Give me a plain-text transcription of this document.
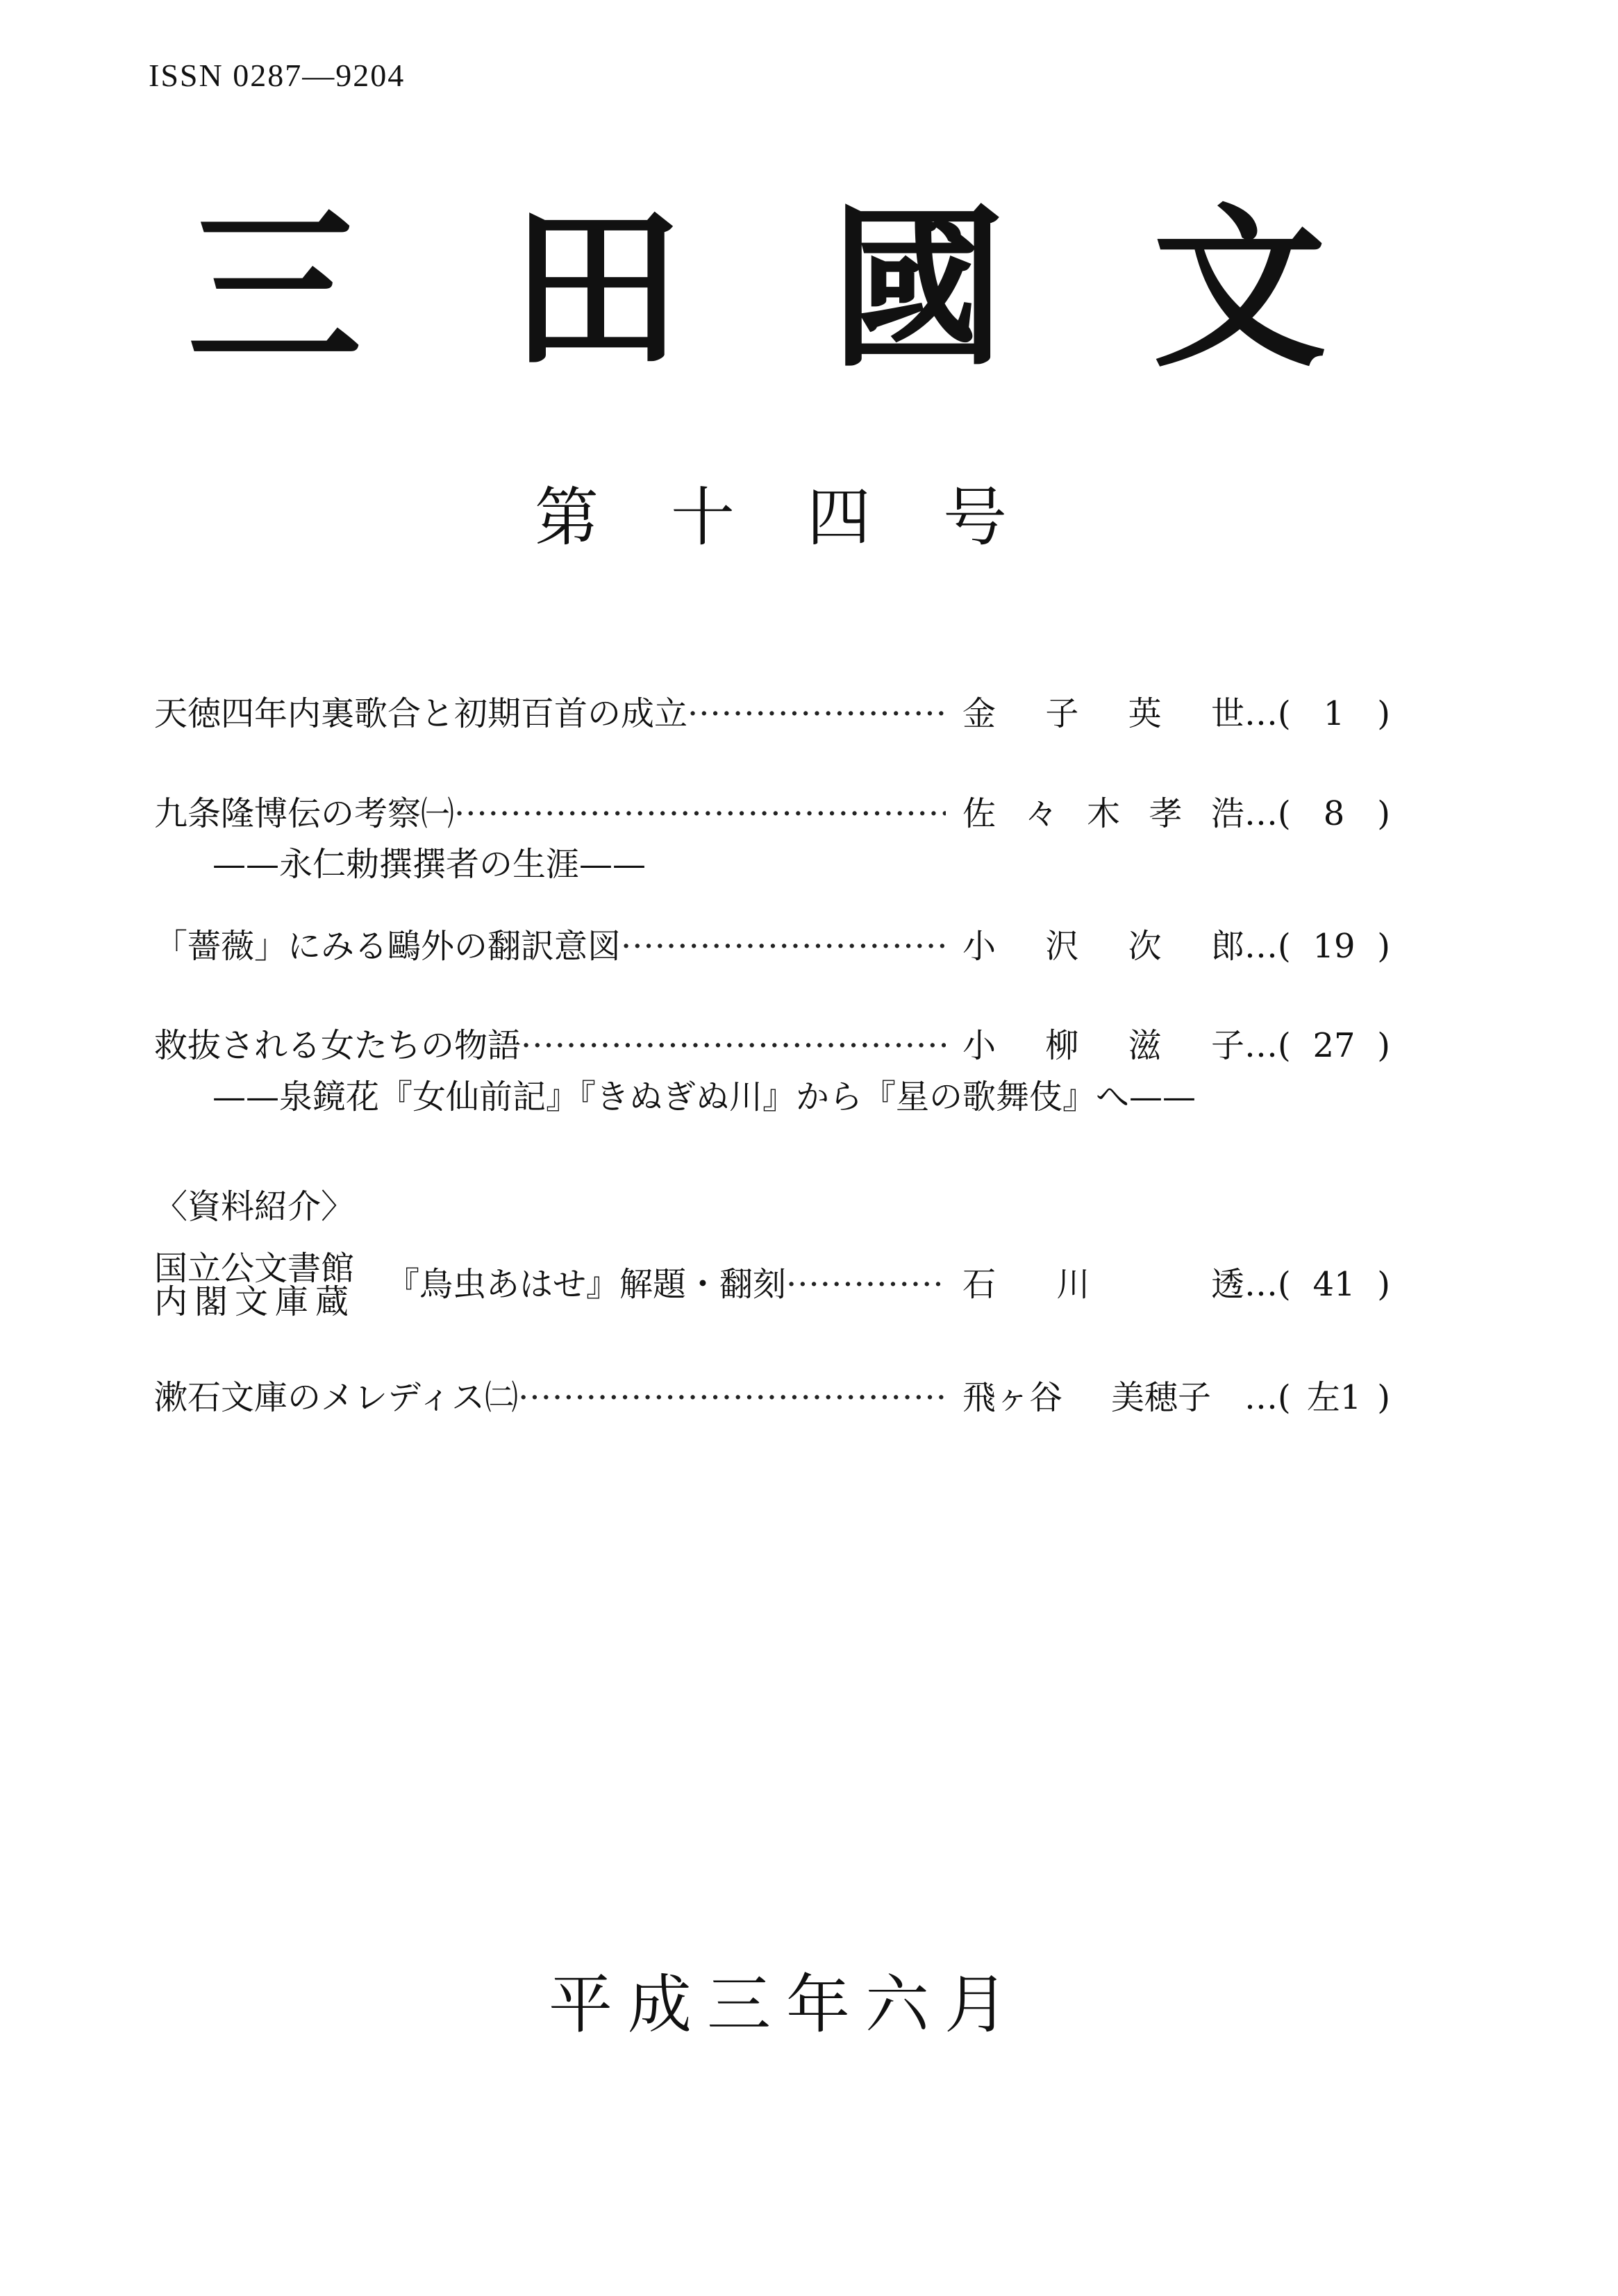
ISSN 0287—9204
三 田 國 文
第 十 四 号
天徳四年内裏歌合と初期百首の成立 ·····	金 子 英 世 …( 1 )
九条隆博伝の考察㈠ ·····	佐 々 木 孝 浩 …( 8 )
——永仁勅撰撰者の生涯——
「薔薇」にみる鷗外の翻訳意図 ·····	小 沢 次 郎 …( 19 )
救抜される女たちの物語 ·····	小 柳 滋 子 …( 27 )
——泉鏡花『女仙前記』『きぬぎぬ川』から『星の歌舞伎』へ——
〈資料紹介〉
国立公文書館
内閣文庫蔵 『鳥虫あはせ』解題・翻刻 ·····	石 川	透 …( 41 )
漱石文庫のメレディス㈡ ·····	飛ヶ谷 美穂子 …( 左1 )
平成三年六月
